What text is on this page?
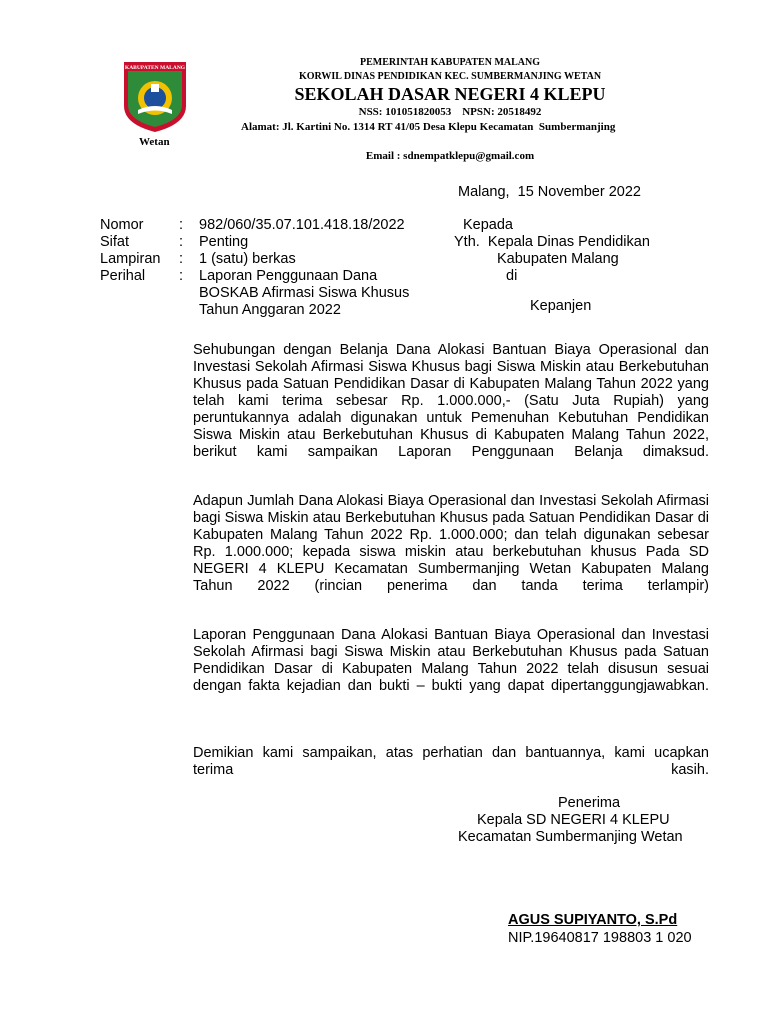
KABUPATEN MALANG	PEMERINTAH KABUPATEN MALANG
KORWIL DINAS PENDIDIKAN KEC. SUMBERMANJING WETAN
SEKOLAH DASAR NEGERI 4 KLEPU
NSS: 101051820053    NPSN: 20518492
Alamat: Jl. Kartini No. 1314 RT 41/05 Desa Klepu Kecamatan  Sumbermanjing
Wetan
Email : sdnempatklepu@gmail.com
Malang,  15 November 2022
Nomor : 982/060/35.07.101.418.18/2022
Sifat	: Penting
Lampiran : 1 (satu) berkas
Perihal : Laporan Penggunaan Dana
BOSKAB Afirmasi Siswa Khusus
Tahun Anggaran 2022
Kepada
Yth.  Kepala Dinas Pendidikan
Kabupaten Malang
di
Kepanjen
Sehubungan dengan Belanja Dana Alokasi Bantuan Biaya Operasional dan Investasi Sekolah Afirmasi Siswa Khusus bagi Siswa Miskin atau Berkebutuhan Khusus pada Satuan Pendidikan Dasar di Kabupaten Malang Tahun 2022 yang telah kami terima sebesar Rp. 1.000.000,- (Satu Juta Rupiah) yang peruntukannya adalah digunakan untuk Pemenuhan Kebutuhan Pendidikan Siswa Miskin atau Berkebutuhan Khusus di Kabupaten Malang Tahun 2022, berikut kami sampaikan Laporan Penggunaan Belanja dimaksud.
Adapun Jumlah Dana Alokasi Biaya Operasional dan Investasi Sekolah Afirmasi bagi Siswa Miskin atau Berkebutuhan Khusus pada Satuan Pendidikan Dasar di Kabupaten Malang Tahun 2022 Rp. 1.000.000; dan telah digunakan sebesar Rp. 1.000.000; kepada siswa miskin atau berkebutuhan khusus Pada SD NEGERI 4 KLEPU Kecamatan Sumbermanjing Wetan Kabupaten Malang Tahun 2022 (rincian penerima dan tanda terima terlampir)
Laporan Penggunaan Dana Alokasi Bantuan Biaya Operasional dan Investasi Sekolah Afirmasi bagi Siswa Miskin atau Berkebutuhan Khusus pada Satuan Pendidikan Dasar di Kabupaten Malang Tahun 2022 telah disusun sesuai dengan fakta kejadian dan bukti – bukti yang dapat dipertanggungjawabkan.
Demikian kami sampaikan, atas perhatian dan bantuannya, kami ucapkan terima kasih.
Penerima
Kepala SD NEGERI 4 KLEPU
Kecamatan Sumbermanjing Wetan
AGUS SUPIYANTO, S.Pd
NIP.19640817 198803 1 020
